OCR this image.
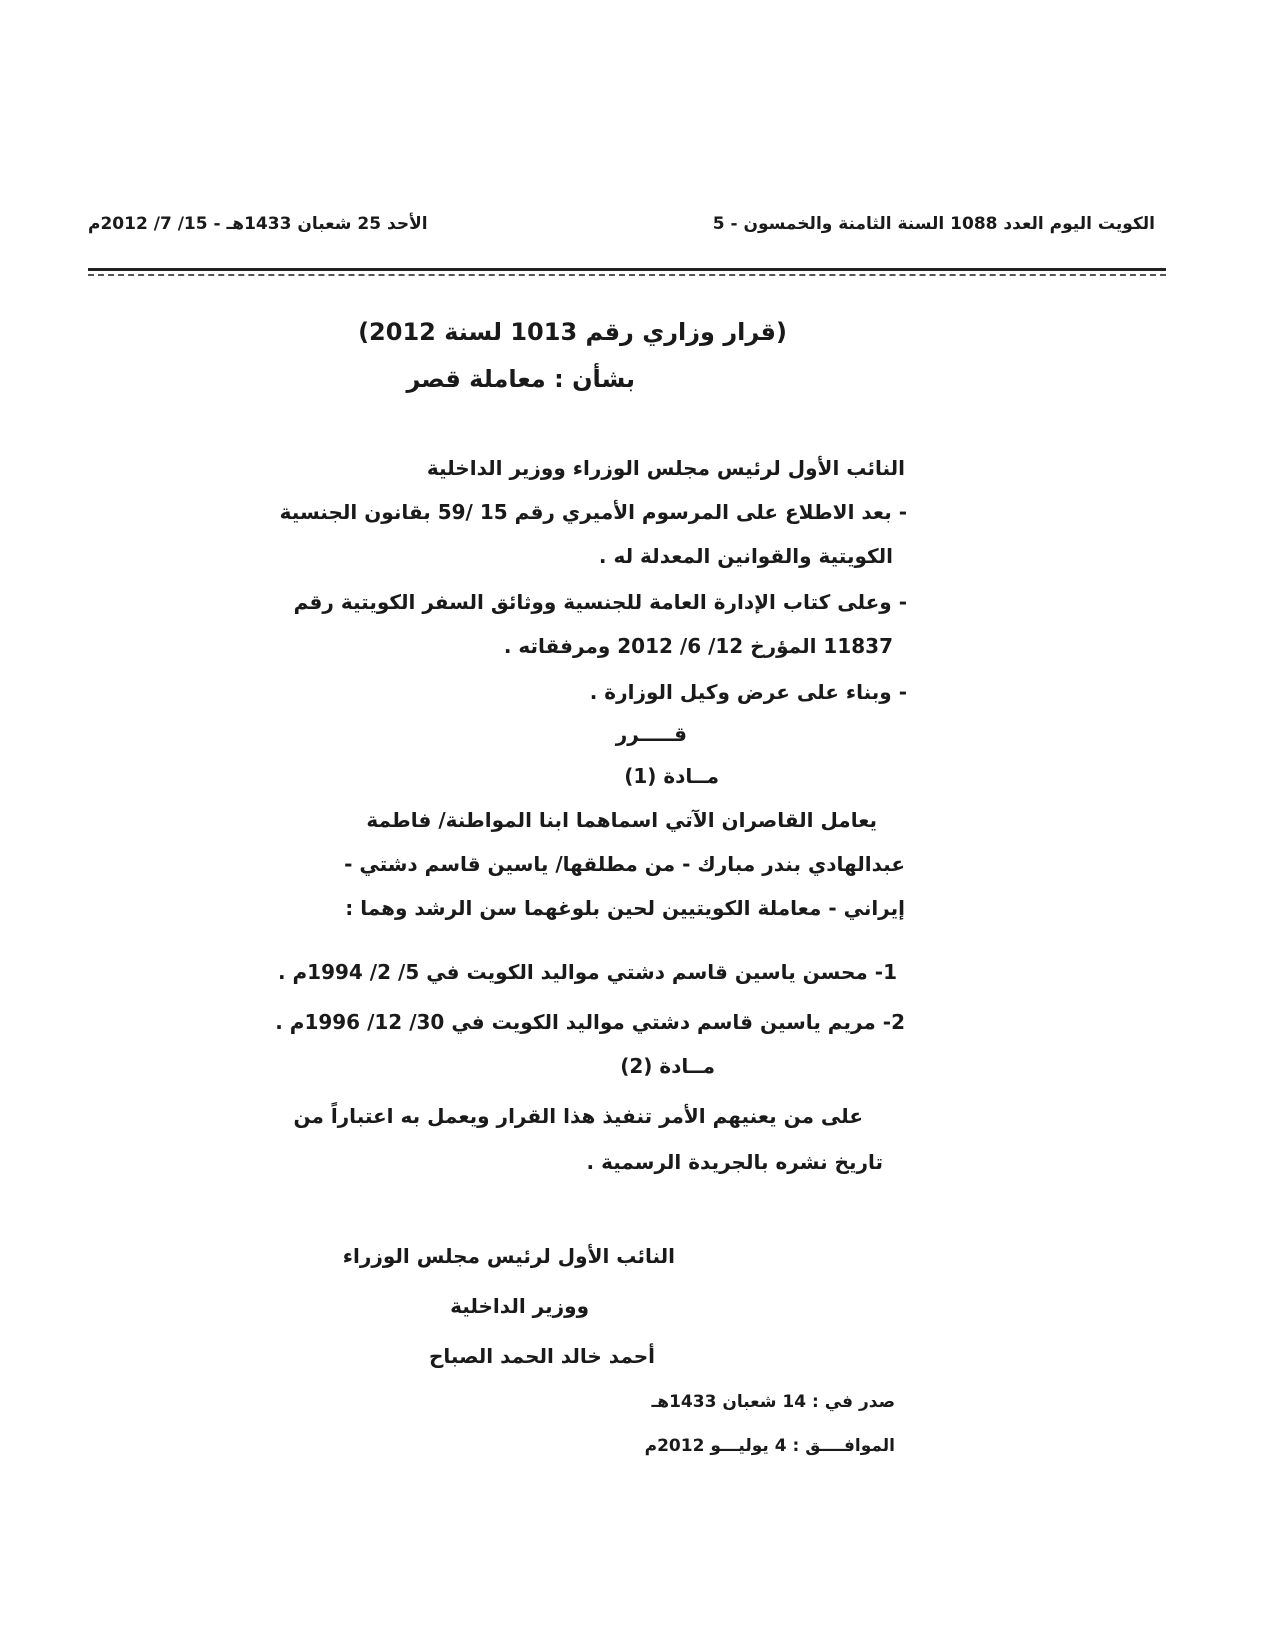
الكويت اليوم العدد 1088 السنة الثامنة والخمسون - 5
الأحد 25 شعبان 1433هـ - 15/ 7/ 2012م
(قرار وزاري رقم 1013 لسنة 2012)
بشأن : معاملة قصر
النائب الأول لرئيس مجلس الوزراء ووزير الداخلية
- بعد الاطلاع على المرسوم الأميري رقم 15 /59 بقانون الجنسية
الكويتية والقوانين المعدلة له .
- وعلى كتاب الإدارة العامة للجنسية ووثائق السفر الكويتية رقم
11837 المؤرخ 12/ 6/ 2012 ومرفقاته .
- وبناء على عرض وكيل الوزارة .
قـــــرر
مــادة (1)
يعامل القاصران الآتي اسماهما ابنا المواطنة/ فاطمة
عبدالهادي بندر مبارك - من مطلقها/ ياسين قاسم دشتي -
إيراني - معاملة الكويتيين لحين بلوغهما سن الرشد وهما :
1- محسن ياسين قاسم دشتي مواليد الكويت في 5/ 2/ 1994م .
2- مريم ياسين قاسم دشتي مواليد الكويت في 30/ 12/ 1996م .
مــادة (2)
على من يعنيهم الأمر تنفيذ هذا القرار ويعمل به اعتباراً من
تاريخ نشره بالجريدة الرسمية .
النائب الأول لرئيس مجلس الوزراء
ووزير الداخلية
أحمد خالد الحمد الصباح
صدر في : 14 شعبان 1433هـ
الموافــــق : 4 يوليـــو 2012م
